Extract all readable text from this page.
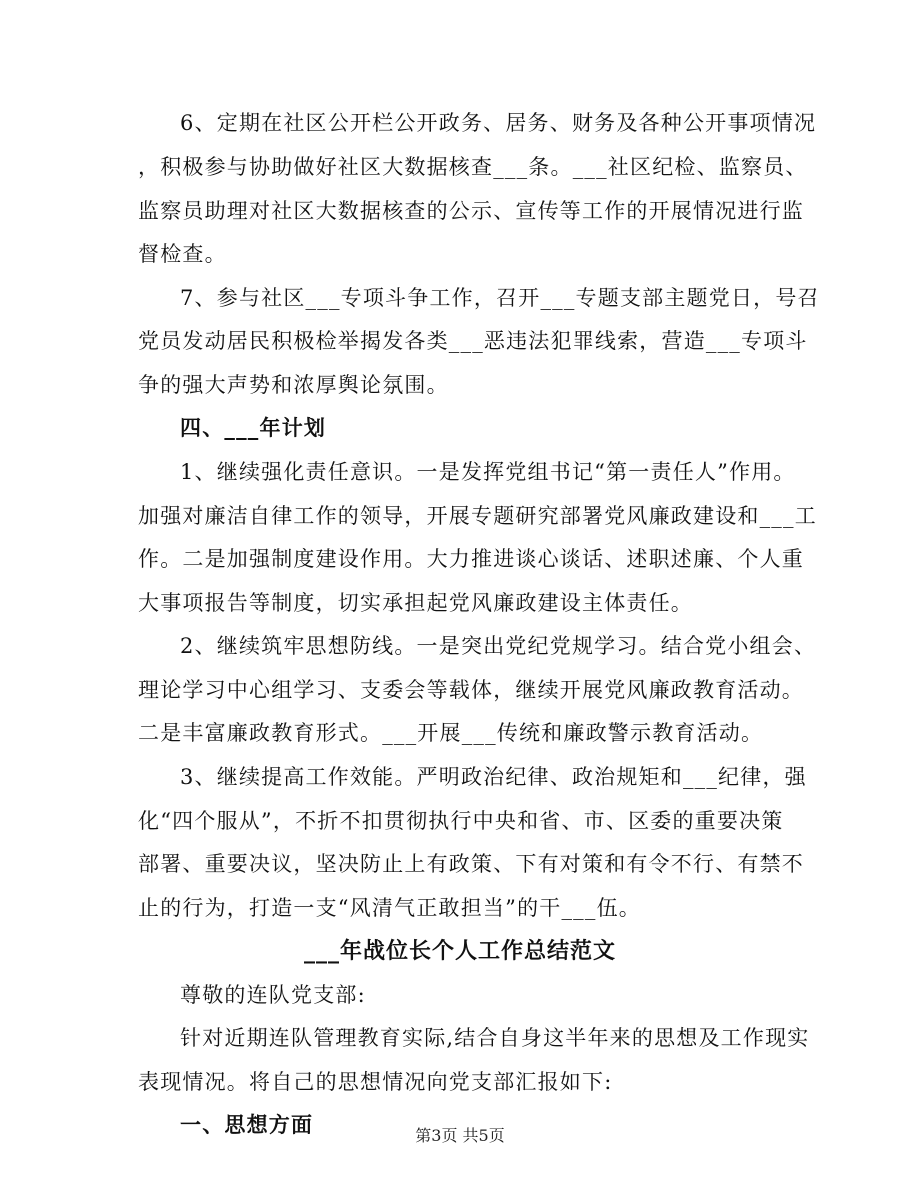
6、定期在社区公开栏公开政务、居务、财务及各种公开事项情况
，积极参与协助做好社区大数据核查___条。___社区纪检、监察员、
监察员助理对社区大数据核查的公示、宣传等工作的开展情况进行监
督检查。
7、参与社区___专项斗争工作，召开___专题支部主题党日，号召
党员发动居民积极检举揭发各类___恶违法犯罪线索，营造___专项斗
争的强大声势和浓厚舆论氛围。
四、___年计划
1、继续强化责任意识。一是发挥党组书记“第一责任人”作用。
加强对廉洁自律工作的领导，开展专题研究部署党风廉政建设和___工
作。二是加强制度建设作用。大力推进谈心谈话、述职述廉、个人重
大事项报告等制度，切实承担起党风廉政建设主体责任。
2、继续筑牢思想防线。一是突出党纪党规学习。结合党小组会、
理论学习中心组学习、支委会等载体，继续开展党风廉政教育活动。
二是丰富廉政教育形式。___开展___传统和廉政警示教育活动。
3、继续提高工作效能。严明政治纪律、政治规矩和___纪律，强
化“四个服从”，不折不扣贯彻执行中央和省、市、区委的重要决策
部署、重要决议，坚决防止上有政策、下有对策和有令不行、有禁不
止的行为，打造一支“风清气正敢担当”的干___伍。
___年战位长个人工作总结范文
尊敬的连队党支部:
针对近期连队管理教育实际,结合自身这半年来的思想及工作现实
表现情况。将自己的思想情况向党支部汇报如下:
一、思想方面	第3页 共5页
